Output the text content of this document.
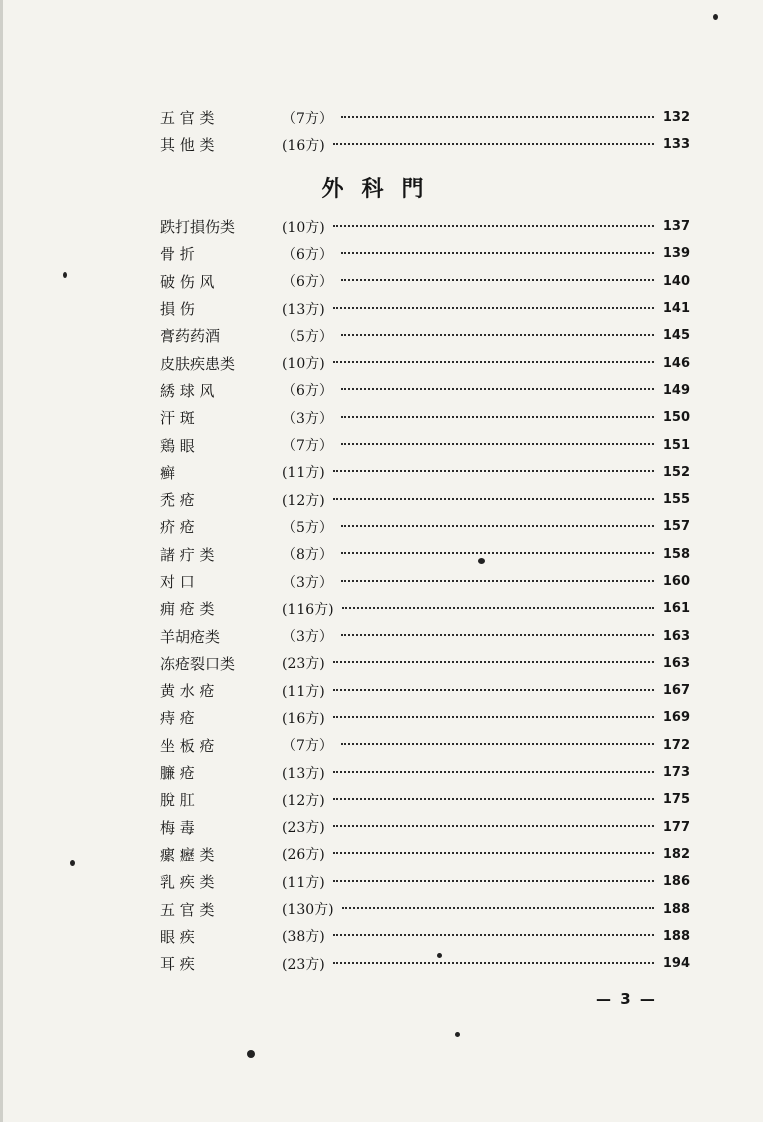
五 官 类	（7方）	132
其 他 类	(16方)	133
外科門
跌打損伤类	(10方)	137
骨 折	（6方）	139
破 伤 风	（6方）	140
損 伤	(13方)	141
膏药药酒	（5方）	145
皮肤疾患类	(10方)	146
綉 球 风	（6方）	149
汗 斑	（3方）	150
鶏 眼	（7方）	151
癣	(11方)	152
禿 疮	(12方)	155
疥 疮	（5方）	157
諸 疔 类	（8方）	158
对 口	（3方）	160
痈 疮 类	(116方)	161
羊胡疮类	（3方）	163
冻疮裂口类	(23方)	163
黄 水 疮	(11方)	167
痔 疮	(16方)	169
坐 板 疮	（7方）	172
臁 疮	(13方)	173
脫 肛	(12方)	175
梅 毒	(23方)	177
瘰 癧 类	(26方)	182
乳 疾 类	(11方)	186
五 官 类	(130方)	188
眼 疾	(38方)	188
耳 疾	(23方)	194
— 3 —
